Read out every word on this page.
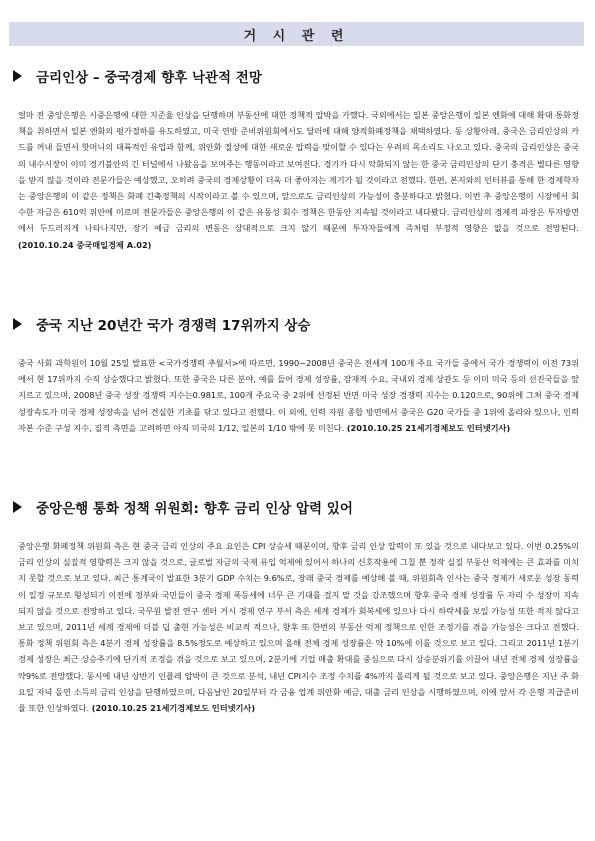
거 시 관 련
금리인상 – 중국경제 향후 낙관적 전망
얼마 전 중앙은행은 시중은행에 대한 지준율 인상을 단행하며 부동산에 대한 정책적 압박을 가했다. 국외에서는 일본 중앙은행이 일본 엔화에 대해 확대 통화정책을 취하면서 일본 엔화의 평가절하를 유도하였고, 미국 연방 준비위원회에서도 달러에 대해 양적화폐정책을 채택하였다. 동 상황아래, 중국은 금리인상의 카드를 꺼내 들면서 핫머니의 대륙적인 유입과 함께, 위안화 절상에 대한 새로운 압력을 맞이할 수 있다는 우려의 목소리도 나오고 있다. 중국의 금리인상은 중국의 내수시장이 이미 경기불안의 긴 터널에서 나왔음을 보여주는 행동이라고 보여진다. 경기가 다시 악화되지 않는 한 중국 금리인상의 단기 충격은 별다른 영향을 받지 않을 것이라 전문가들은 예상했고, 오히려 중국의 경제상황이 더욱 더 좋아지는 계기가 될 것이라고 전했다. 한편, 본지와의 인터뷰를 통해 한 경제학자는 중앙은행의 이 같은 정책은 화폐 긴축정책의 시작이라고 볼 수 있으며, 앞으로도 금리인상의 가능성이 충분하다고 밝혔다. 이번 추 중앙은행이 시장에서 회수한 자금은 610억 위안에 이르며 전문가들은 중앙은행의 이 같은 유동성 회수 정책은 한동안 지속될 것이라고 내다봤다. 금리인상의 경제적 파장은 투자방면에서 두드러지게 나타나지만, 장기 예금 금리의 변동은 상대적으로 크지 않기 때문에 투자자들에게 즉처럼 부정적 영향은 없을 것으로 전망된다. (2010.10.24 중국매일경제 A.02)
중국 지난 20년간 국가 경쟁력 17위까지 상승
중국 사회 과학원이 10월 25일 발표한 <국가경쟁력 추월서>에 따르면, 1990~2008년 중국은 전세계 100개 주요 국가들 중에서 국가 경쟁력이 이전 73위에서 현 17위까지 수직 상승했다고 밝혔다. 또한 중국은 다른 분야, 예를 들어 경제 성장률, 잠재적 수요, 국내외 경제 상관도 등 이미 미국 등의 선진국들을 앞지르고 있으며, 2008년 중국 성장 경쟁력 지수는0.981로, 100개 주요국 중 2위에 선정된 반면 미국 성장 경쟁력 지수는 0.120으로, 90위에 그쳐 중국 경제 성장속도가 미국 경제 성장속을 넘어 견실한 기초를 닦고 있다고 전했다. 이 외에, 인력 자원 종합 방면에서 중국은 G20 국가들 중 1위에 올라와 있으나, 인력 자본 수준 구성 지수, 질적 측면을 고려하면 아직 미국의 1/12, 일본의 1/10 밖에 못 미친다. (2010.10.25 21세기경제보도 인터넷기사)
중앙은행 통화 정책 위원회: 향후 금리 인상 압력 있어
중앙은행 화폐정책 위원회 측은 현 중국 금리 인상의 주요 요인은 CPI 상승세 때문이며, 향후 금리 인상 압력이 또 있을 것으로 내다보고 있다. 이번 0.25%의 금리 인상의 실질적 영향력은 크지 않을 것으로, 글로벌 자금의 국제 유입 억제에 있어서 하나의 신호작용에 그칠 뿐 정작 실질 부동산 억제에는 큰 효과를 미치지 못할 것으로 보고 있다. 최근 통계국이 발표한 3분기 GDP 수치는 9.6%로, 장래 중국 경제를 예상해 볼 때, 위원회측 인사는 중국 경제가 새로운 성장 동력이 일정 규모로 형성되기 이전에 정부와 국민들이 중국 경제 폭등세에 너무 큰 기대를 걸지 말 것을 강조했으며 향후 중국 경제 성장률 두 자리 수 성장이 지속되지 않을 것으로 전망하고 있다. 국무원 발전 연구 센터 거시 경제 연구 부서 측은 세계 경제가 회복세에 있으나 다시 하락세를 보일 가능성 또한 적지 않다고 보고 있으며, 2011년 세계 경제에 더블 딥 출현 가능성은 비교적 적으나, 향후 또 한번의 부동산 억제 정책으로 인한 조정기를 겪을 가능성은 크다고 전했다. 통화 정책 위원회 측은 4분기 경제 성장률을 8.5%정도로 예상하고 있으며 올해 전체 경제 성장률은 약 10%에 이를 것으로 보고 있다. 그리고 2011년 1분기 경제 성장은 최근 상승주기에 단기적 조정을 겪을 것으로 보고 있으며, 2분기에 기업 매출 확대를 중심으로 다시 상승분위기를 이끌어 내년 전체 경제 성장률을 약9%로 전망했다. 동시에 내년 상반기 인플레 압박이 큰 것으로 분석, 내년 CPI지수 조정 수치를 4%까지 올리게 될 것으로 보고 있다. 중앙은행은 지난 주 화요일 저녁 돌연 소득의 금리 인상을 단행하였으며, 다음날인 20일부터 각 금융 업계 위안화 예금, 대출 금리 인상을 시행하였으며, 이에 앞서 각 은행 지급준비율 또한 인상하였다. (2010.10.25 21세기경제보도 인터넷기사)
